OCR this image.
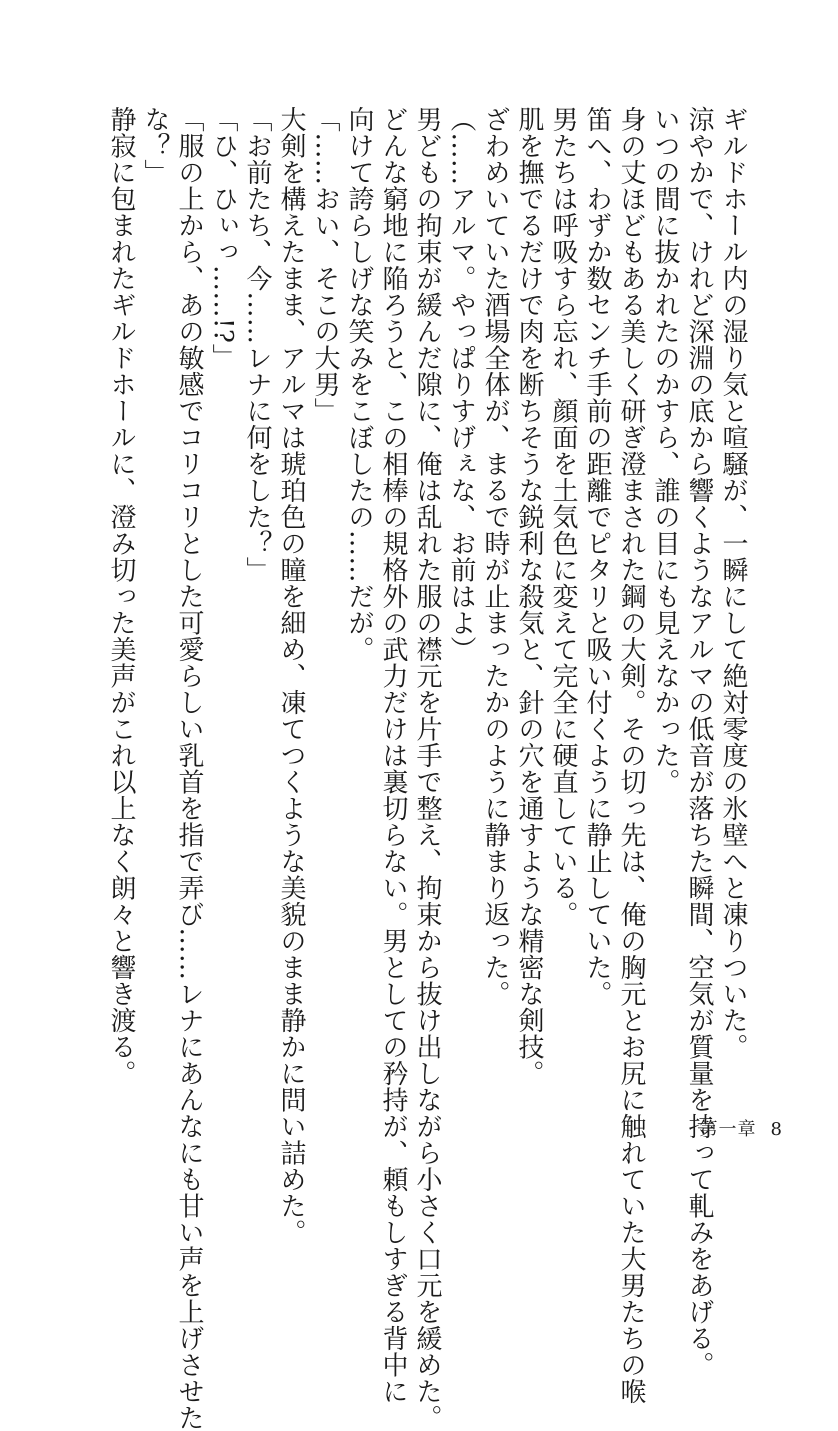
ギルドホール内の湿り気と喧騒が、一瞬にして絶対零度の氷壁へと凍りついた。

涼やかで、けれど深淵の底から響くようなアルマの低音が落ちた瞬間、空気が質量を持って軋みをあげる。

いつの間に抜かれたのかすら、誰の目にも見えなかった。

身の丈ほどもある美しく研ぎ澄まされた鋼の大剣。その切っ先は、俺の胸元とお尻に触れていた大男たちの喉

笛へ、わずか数センチ手前の距離でピタリと吸い付くように静止していた。

男たちは呼吸すら忘れ、顔面を土気色に変えて完全に硬直している。

肌を撫でるだけで肉を断ちそうな鋭利な殺気と、針の穴を通すような精密な剣技。

ざわめいていた酒場全体が、まるで時が止まったかのように静まり返った。

（……アルマ。やっぱりすげぇな、お前はよ）

男どもの拘束が緩んだ隙に、俺は乱れた服の襟元を片手で整え、拘束から抜け出しながら小さく口元を緩めた。

どんな窮地に陥ろうと、この相棒の規格外の武力だけは裏切らない。男としての矜持が、頼もしすぎる背中に

向けて誇らしげな笑みをこぼしたの……だが。

「……おい、そこの大男」

大剣を構えたまま、アルマは琥珀色の瞳を細め、凍てつくような美貌のまま静かに問い詰めた。

「お前たち、今……レナに何をした？」

「ひ、ひぃっ……!?」

「服の上から、あの敏感でコリコリとした可愛らしい乳首を指で弄び……レナにあんなにも甘い声を上げさせた

な？」

静寂に包まれたギルドホールに、澄み切った美声がこれ以上なく朗々と響き渡る。

第一章 8
